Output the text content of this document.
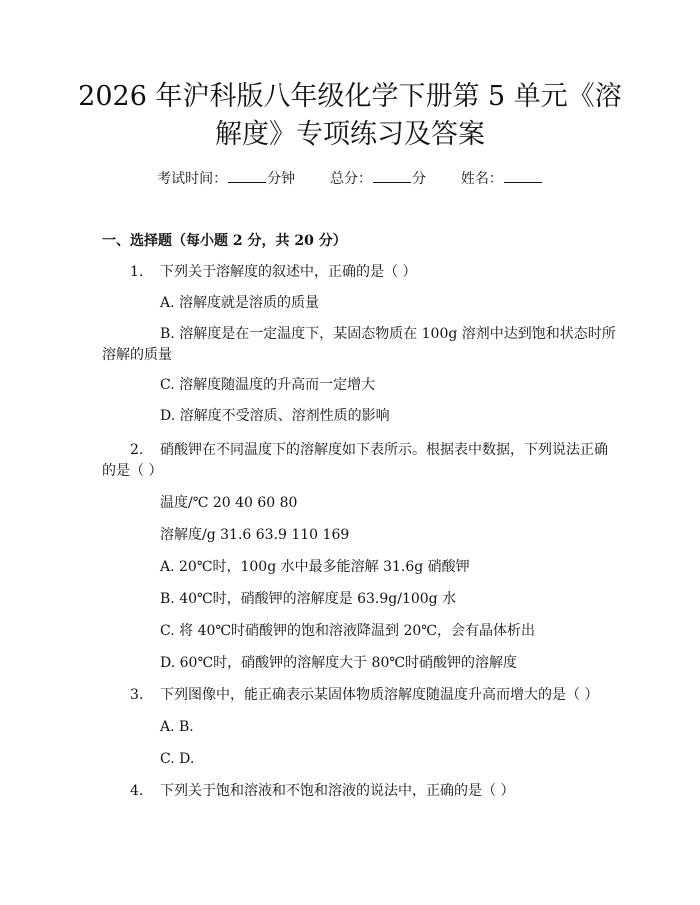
2026 年沪科版八年级化学下册第 5 单元《溶
解度》专项练习及答案
考试时间：	分钟 总分：	分 姓名：
一、选择题（每小题 2 分，共 20 分）
1. 下列关于溶解度的叙述中，正确的是（ ）
A. 溶解度就是溶质的质量
B. 溶解度是在一定温度下，某固态物质在 100g 溶剂中达到饱和状态时所
溶解的质量
C. 溶解度随温度的升高而一定增大
D. 溶解度不受溶质、溶剂性质的影响
2. 硝酸钾在不同温度下的溶解度如下表所示。根据表中数据，下列说法正确
的是（ ）
温度/℃ 20 40 60 80
溶解度/g 31.6 63.9 110 169
A. 20℃时，100g 水中最多能溶解 31.6g 硝酸钾
B. 40℃时，硝酸钾的溶解度是 63.9g/100g 水
C. 将 40℃时硝酸钾的饱和溶液降温到 20℃，会有晶体析出
D. 60℃时，硝酸钾的溶解度大于 80℃时硝酸钾的溶解度
3. 下列图像中，能正确表示某固体物质溶解度随温度升高而增大的是（ ）
A. B.
C. D.
4. 下列关于饱和溶液和不饱和溶液的说法中，正确的是（ ）
